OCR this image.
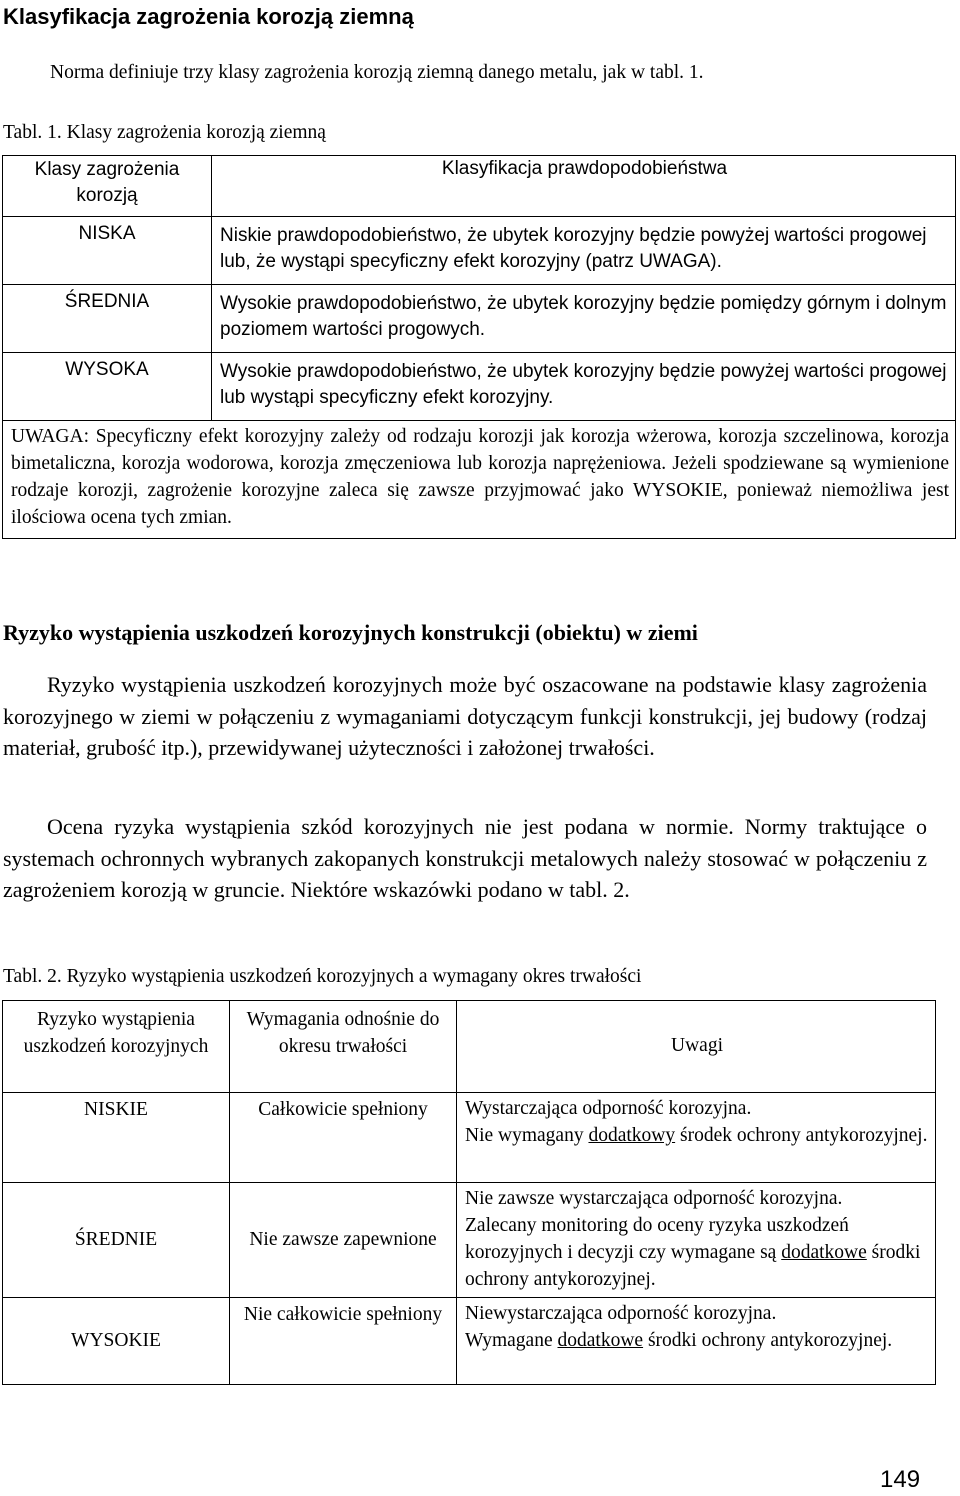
Klasyfikacja zagrożenia korozją ziemną
Norma definiuje trzy klasy zagrożenia korozją ziemną danego metalu, jak w tabl. 1.
Tabl. 1. Klasy zagrożenia korozją ziemną
Klasy zagrożenia korozją	Klasyfikacja prawdopodobieństwa
NISKA	Niskie prawdopodobieństwo, że ubytek korozyjny będzie powyżej wartości progowej lub, że wystąpi specyficzny efekt korozyjny (patrz UWAGA).
ŚREDNIA	Wysokie prawdopodobieństwo, że ubytek korozyjny będzie pomiędzy górnym i dolnym poziomem wartości progowych.
WYSOKA	Wysokie prawdopodobieństwo, że ubytek korozyjny będzie powyżej wartości progowej lub wystąpi specyficzny efekt korozyjny.
UWAGA: Specyficzny efekt korozyjny zależy od rodzaju korozji jak korozja wżerowa, korozja szczelinowa, korozja bimetaliczna, korozja wodorowa, korozja zmęczeniowa lub korozja naprężeniowa. Jeżeli spodziewane są wymienione rodzaje korozji, zagrożenie korozyjne zaleca się zawsze przyjmować jako WYSOKIE, ponieważ niemożliwa jest ilościowa ocena tych zmian.	
Ryzyko wystąpienia uszkodzeń korozyjnych konstrukcji (obiektu) w ziemi
Ryzyko wystąpienia uszkodzeń korozyjnych może być oszacowane na podstawie klasy zagrożenia korozyjnego w ziemi w połączeniu z wymaganiami dotyczącym funkcji konstrukcji, jej budowy (rodzaj materiał, grubość itp.), przewidywanej użyteczności i założonej trwałości.
Ocena ryzyka wystąpienia szkód korozyjnych nie jest podana w normie. Normy traktujące o systemach ochronnych wybranych zakopanych konstrukcji metalowych należy stosować w połączeniu z zagrożeniem korozją w gruncie. Niektóre wskazówki podano w tabl. 2.
Tabl. 2. Ryzyko wystąpienia uszkodzeń korozyjnych a wymagany okres trwałości
Ryzyko wystąpienia uszkodzeń korozyjnych	Wymagania odnośnie do okresu trwałości	Uwagi
NISKIE	Całkowicie spełniony	Wystarczająca odporność korozyjna.
Nie wymagany dodatkowy środek ochrony antykorozyjnej.

ŚREDNIE	Nie zawsze zapewnione	Nie zawsze wystarczająca odporność korozyjna.
Zalecany monitoring do oceny ryzyka uszkodzeń korozyjnych i decyzji czy wymagane są dodatkowe środki ochrony antykorozyjnej.

WYSOKIE	Nie całkowicie spełniony	Niewystarczająca odporność korozyjna.
Wymagane dodatkowe środki ochrony antykorozyjnej.
149
